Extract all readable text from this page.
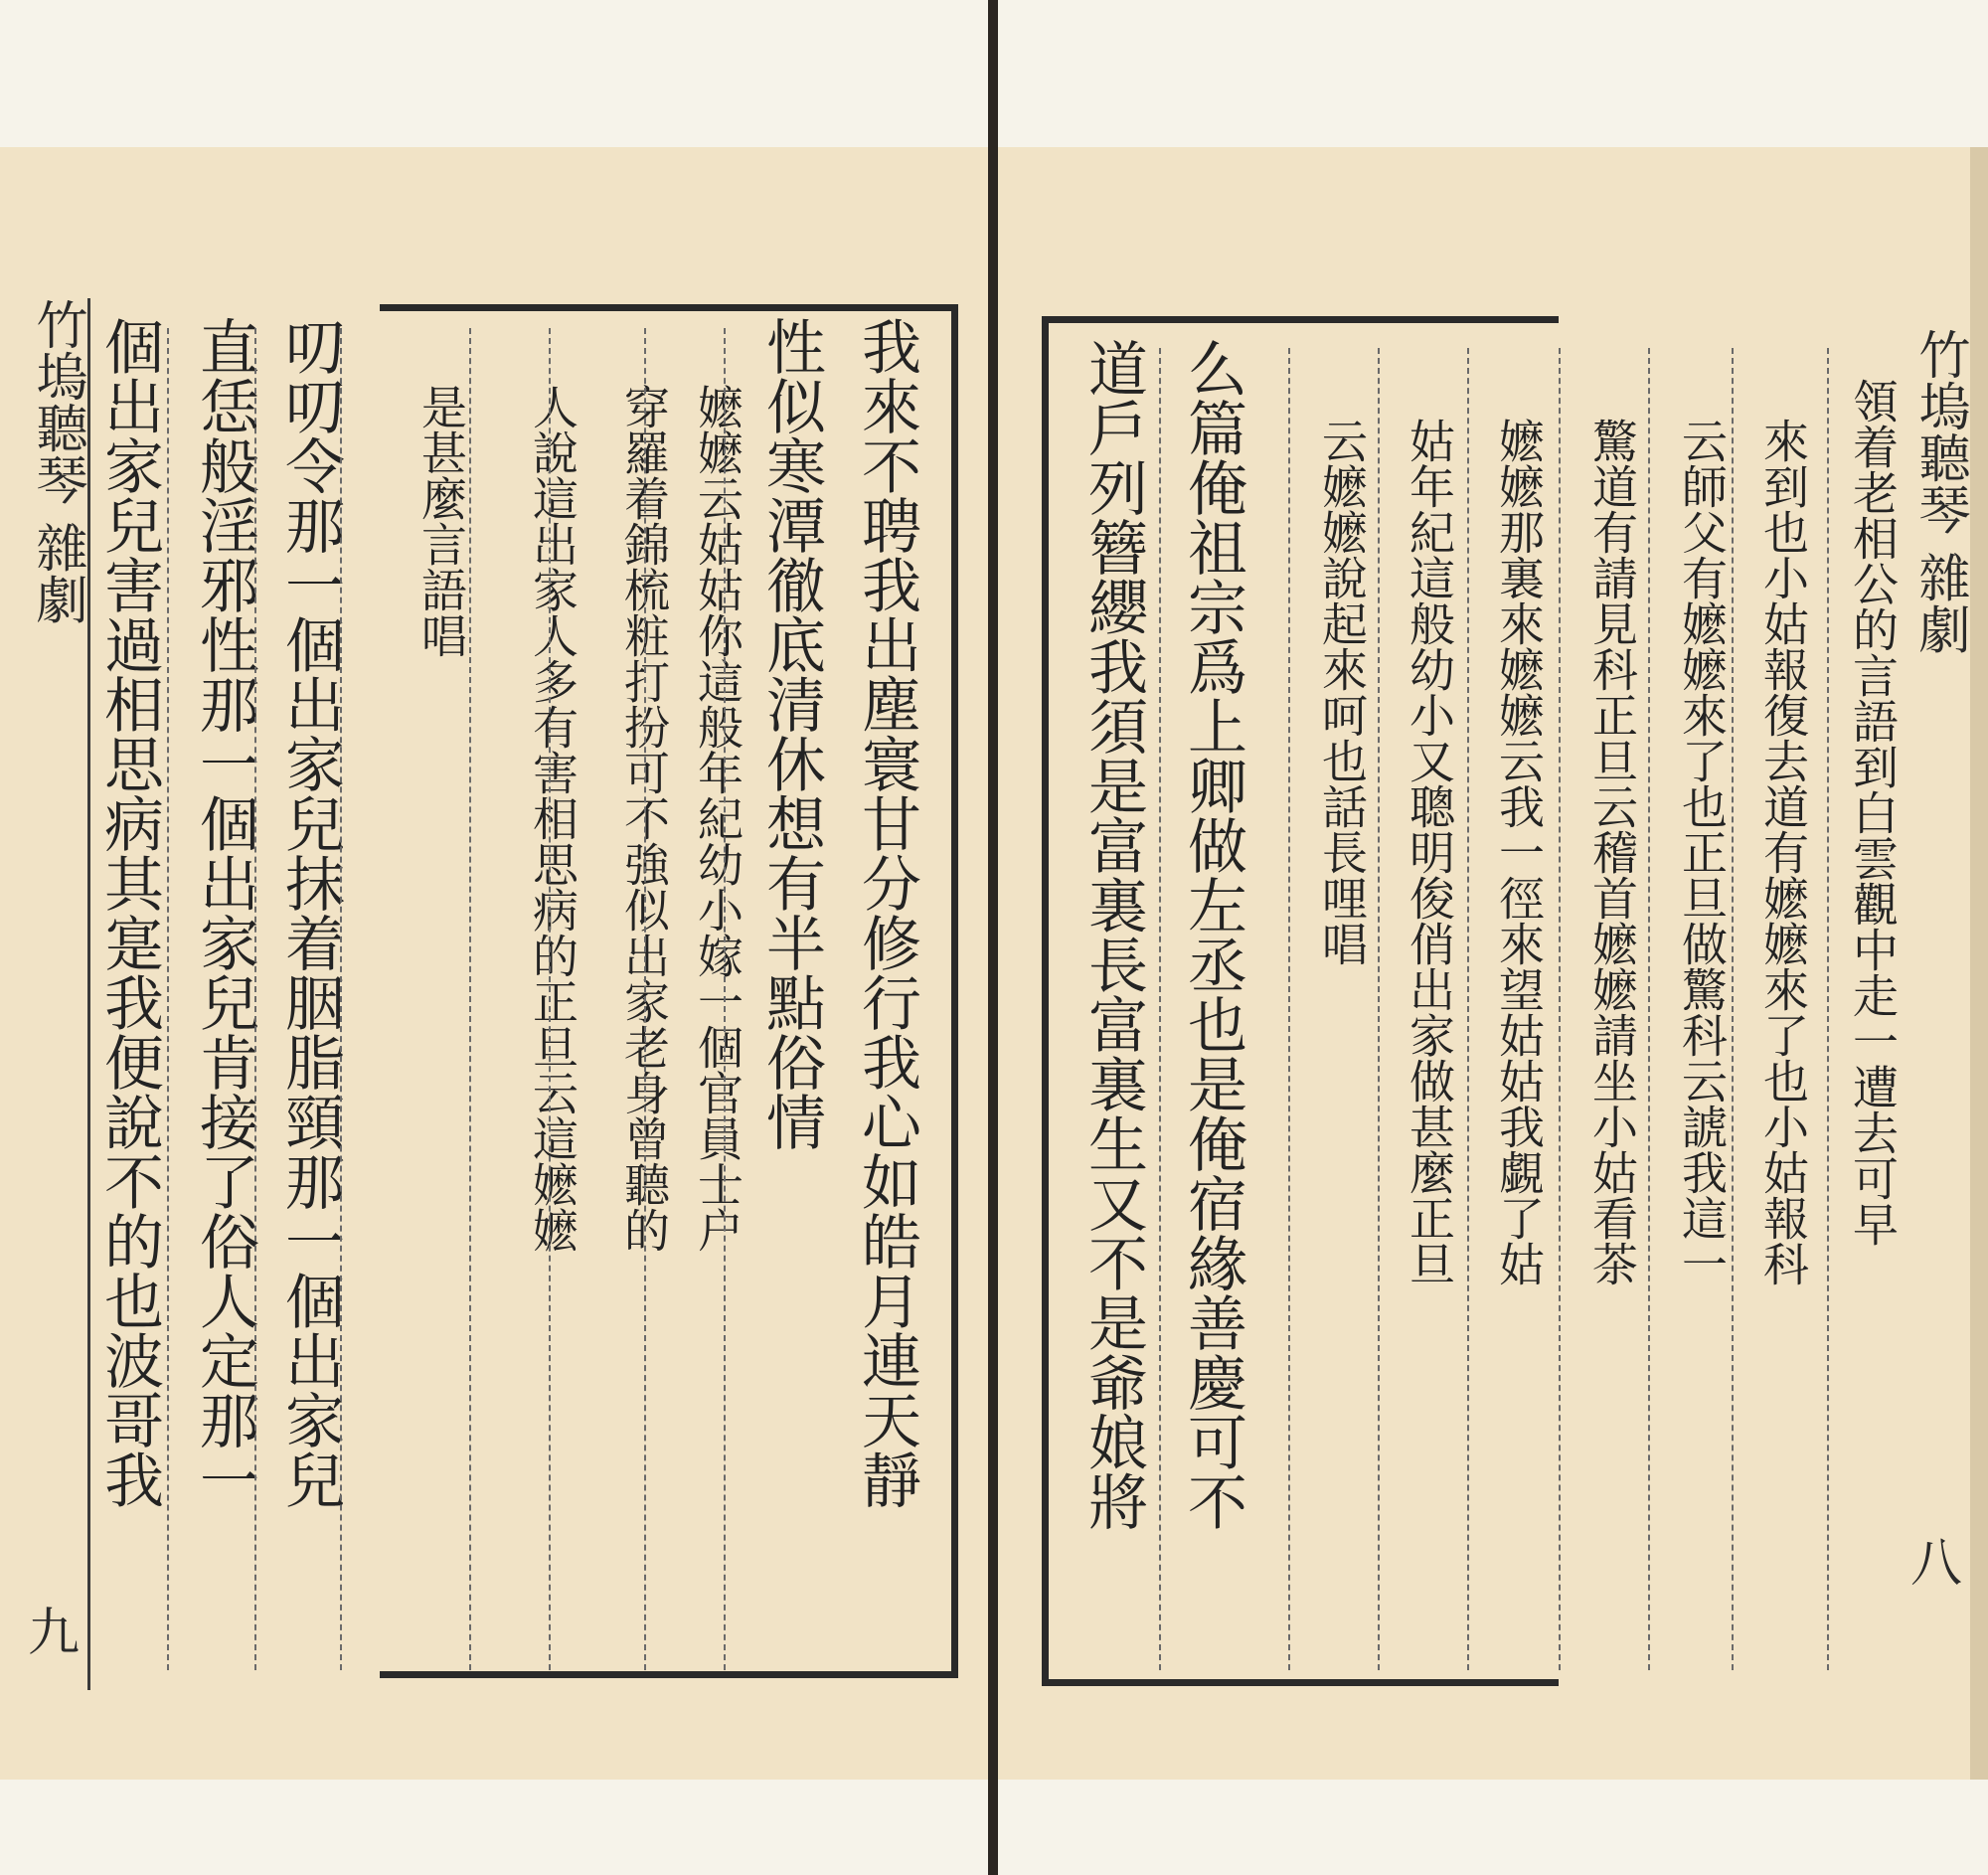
竹塢聽琴 雜劇
九
竹塢聽琴 雜劇
八
我來不聘我出塵寰甘分修行我心如皓月連天靜
性似寒潭徹底清休想有半點俗情
嬷嬷云姑姑你這般年紀幼小嫁一個官員士户
穿羅着錦梳粧打扮可不強似出家老身曾聽的
人說這出家人多有害相思病的正旦云這嬷嬷
是甚麼言語唱
叨叨令那一個出家兒抹着胭脂頸那一個出家兒
直恁般淫邪性那一個出家兒肯接了俗人定那一
個出家兒害過相思病其寔我便說不的也波哥我	領着老相公的言語到白雲觀中走一遭去可早
來到也小姑報復去道有嬷嬷來了也小姑報科
云師父有嬷嬷來了也正旦做驚科云諕我這一
驚道有請見科正旦云稽首嬷嬷請坐小姑看茶
嬷嬷那裏來嬷嬷云我一徑來望姑姑我覷了姑
姑年紀這般幼小又聰明俊俏出家做甚麼正旦
云嬷嬷說起來呵也話長哩唱
么篇俺祖宗爲上卿做左丞也是俺宿緣善慶可不
道戶列簪纓我須是富裏長富裏生又不是爺娘將
